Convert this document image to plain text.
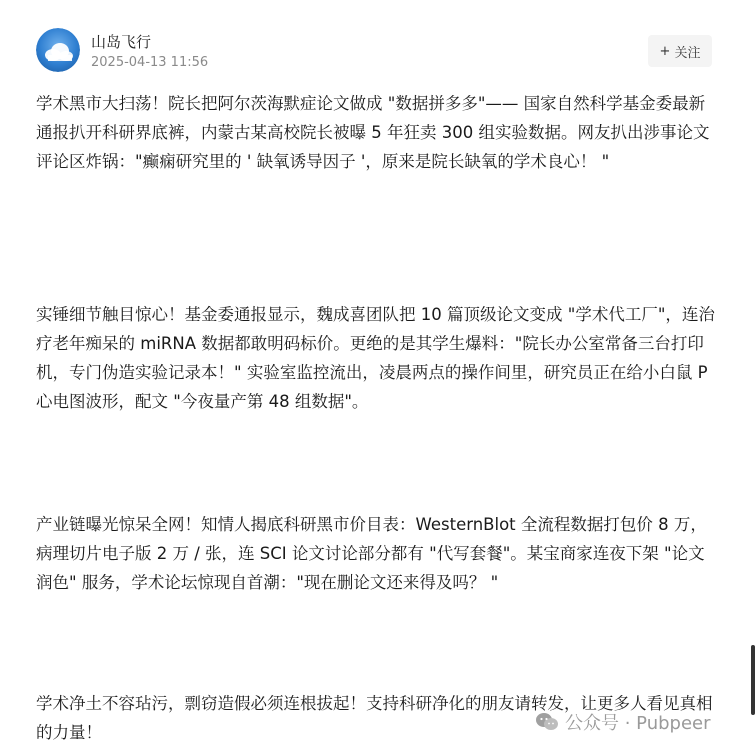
山岛飞行
2025-04-13 11:56
+ 关注

学术黑市大扫荡！院长把阿尔茨海默症论文做成 "数据拼多多"—— 国家自然科学基金委最新通报扒开科研界底裤，内蒙古某高校院长被曝 5 年狂卖 300 组实验数据。网友扒出涉事论文评论区炸锅："癫痫研究里的 ' 缺氧诱导因子 '，原来是院长缺氧的学术良心！ "

实锤细节触目惊心！基金委通报显示，魏成喜团队把 10 篇顶级论文变成 "学术代工厂"，连治疗老年痴呆的 miRNA 数据都敢明码标价。更绝的是其学生爆料："院长办公室常备三台打印机，专门伪造实验记录本！" 实验室监控流出，凌晨两点的操作间里，研究员正在给小白鼠 P 心电图波形，配文 "今夜量产第 48 组数据"。

产业链曝光惊呆全网！知情人揭底科研黑市价目表：WesternBlot 全流程数据打包价 8 万，病理切片电子版 2 万 / 张，连 SCI 论文讨论部分都有 "代写套餐"。某宝商家连夜下架 "论文润色" 服务，学术论坛惊现自首潮："现在删论文还来得及吗？ "

学术净土不容玷污，剽窃造假必须连根拔起！支持科研净化的朋友请转发，让更多人看见真相的力量！	公众号 · Pubpeer
